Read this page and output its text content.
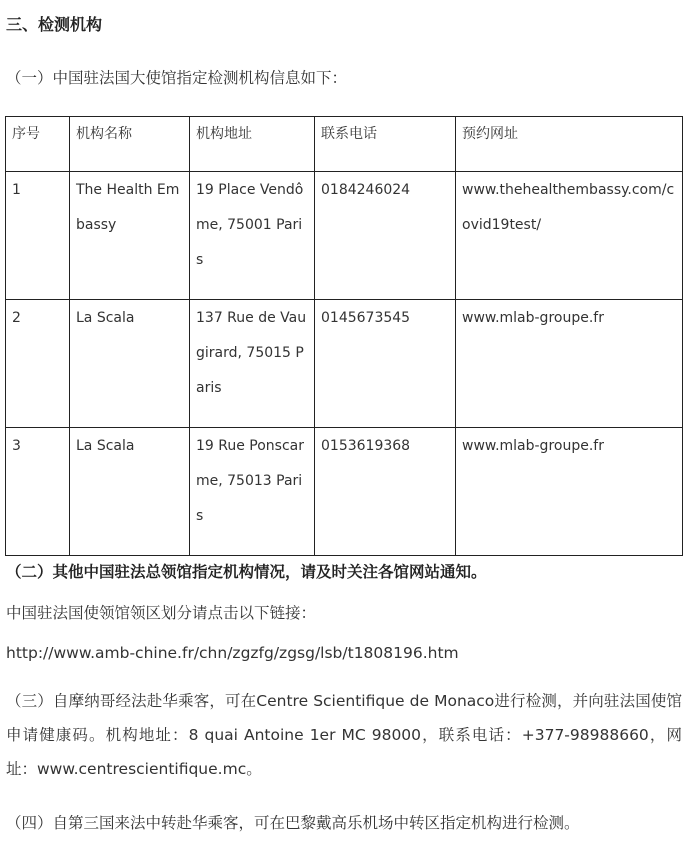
三、检测机构
（一）中国驻法国大使馆指定检测机构信息如下：
序号	机构名称	机构地址	联系电话	预约网址
1	The Health Embassy	19 Place Vendôme, 75001 Paris	0184246024	www.thehealthembassy.com/covid19test/
2	La Scala	137 Rue de Vaugirard, 75015 Paris	0145673545	www.mlab-groupe.fr
3	La Scala	19 Rue Ponscarme, 75013 Paris	0153619368	www.mlab-groupe.fr
（二）其他中国驻法总领馆指定机构情况，请及时关注各馆网站通知。
中国驻法国使领馆领区划分请点击以下链接：
http://www.amb-chine.fr/chn/zgzfg/zgsg/lsb/t1808196.htm
（三）自摩纳哥经法赴华乘客，可在Centre Scientifique de Monaco进行检测，并向驻法国使馆申请健康码。机构地址：8 quai Antoine 1er MC 98000，联系电话：+377-98988660，网址：www.centrescientifique.mc。
（四）自第三国来法中转赴华乘客，可在巴黎戴高乐机场中转区指定机构进行检测。
